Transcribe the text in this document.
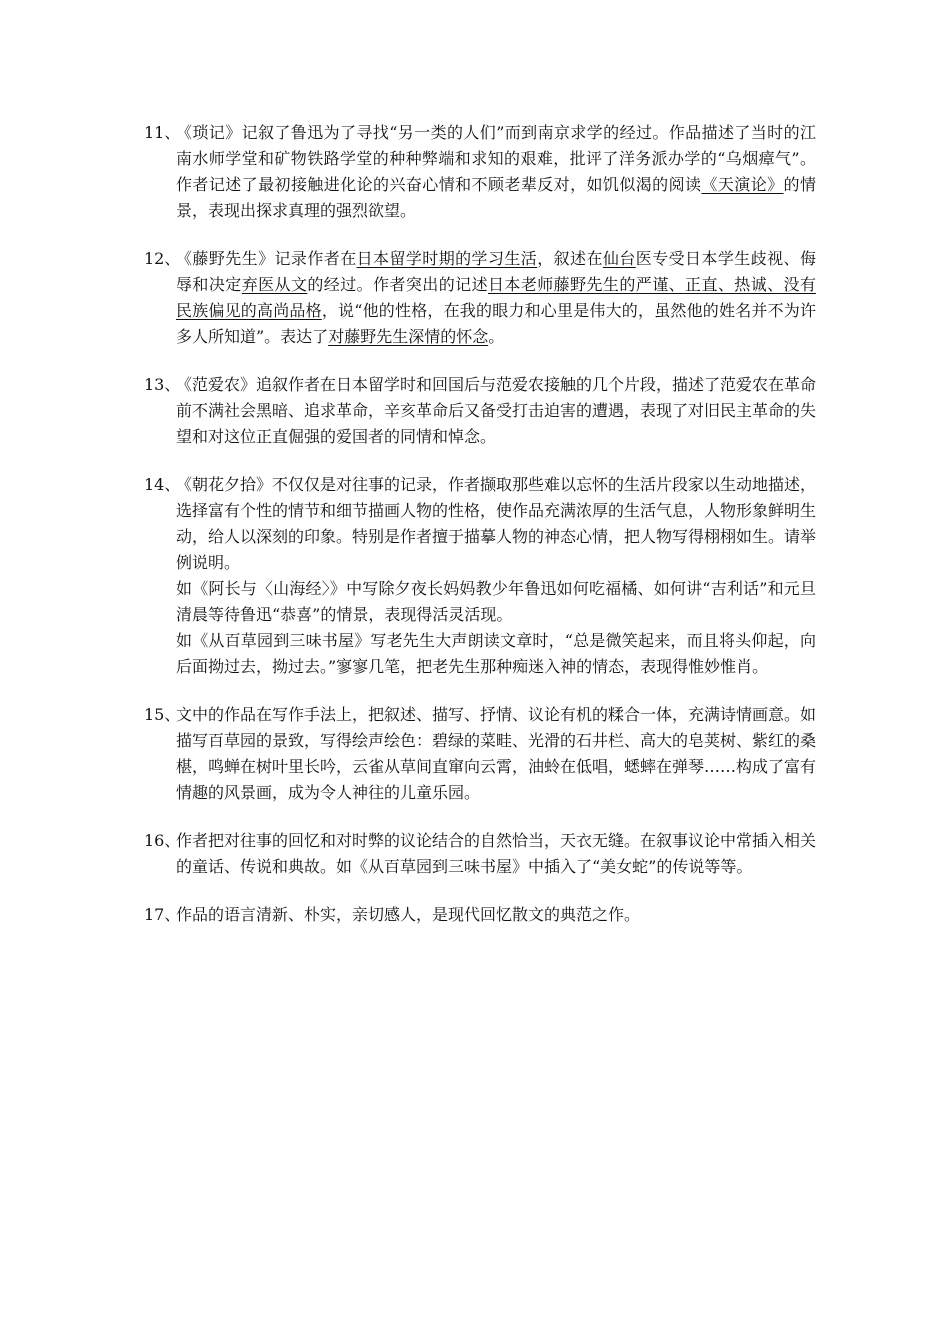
11、

《琐记》记叙了鲁迅为了寻找“另一类的人们”而到南京求学的经过。作品描述了当时的江南水师学堂和矿物铁路学堂的种种弊端和求知的艰难，批评了洋务派办学的“乌烟瘴气”。作者记述了最初接触进化论的兴奋心情和不顾老辈反对，如饥似渴的阅读《天演论》的情景，表现出探求真理的强烈欲望。

12、

《藤野先生》记录作者在日本留学时期的学习生活，叙述在仙台医专受日本学生歧视、侮辱和决定弃医从文的经过。作者突出的记述日本老师藤野先生的严谨、正直、热诚、没有民族偏见的高尚品格，说“他的性格，在我的眼力和心里是伟大的，虽然他的姓名并不为许多人所知道”。表达了对藤野先生深情的怀念。

13、

《范爱农》追叙作者在日本留学时和回国后与范爱农接触的几个片段，描述了范爱农在革命前不满社会黑暗、追求革命，辛亥革命后又备受打击迫害的遭遇，表现了对旧民主革命的失望和对这位正直倔强的爱国者的同情和悼念。

14、

《朝花夕拾》不仅仅是对往事的记录，作者撷取那些难以忘怀的生活片段家以生动地描述，选择富有个性的情节和细节描画人物的性格，使作品充满浓厚的生活气息，人物形象鲜明生动，给人以深刻的印象。特别是作者擅于描摹人物的神态心情，把人物写得栩栩如生。请举例说明。

如《阿长与〈山海经〉》中写除夕夜长妈妈教少年鲁迅如何吃福橘、如何讲“吉利话”和元旦清晨等待鲁迅“恭喜”的情景，表现得活灵活现。

如《从百草园到三味书屋》写老先生大声朗读文章时，“总是微笑起来，而且将头仰起，向后面拗过去，拗过去。”寥寥几笔，把老先生那种痴迷入神的情态，表现得惟妙惟肖。

15、

文中的作品在写作手法上，把叙述、描写、抒情、议论有机的糅合一体，充满诗情画意。如描写百草园的景致，写得绘声绘色：碧绿的菜畦、光滑的石井栏、高大的皂荚树、紫红的桑椹，鸣蝉在树叶里长吟，云雀从草间直窜向云霄，油蛉在低唱，蟋蟀在弹琴……构成了富有情趣的风景画，成为令人神往的儿童乐园。

16、

作者把对往事的回忆和对时弊的议论结合的自然恰当，天衣无缝。在叙事议论中常插入相关的童话、传说和典故。如《从百草园到三味书屋》中插入了“美女蛇”的传说等等。

17、

作品的语言清新、朴实，亲切感人，是现代回忆散文的典范之作。
